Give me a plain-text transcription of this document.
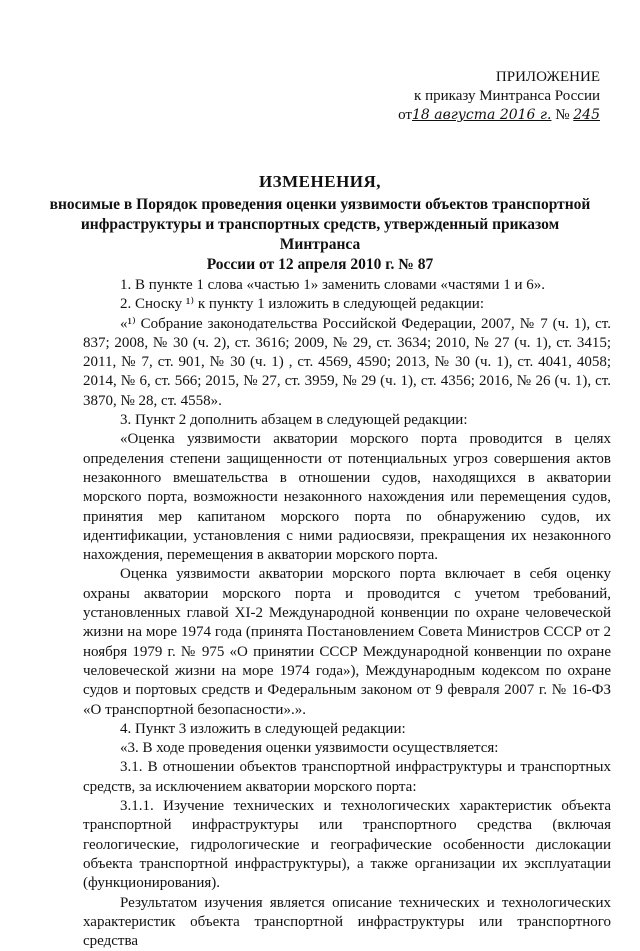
ПРИЛОЖЕНИЕ
к приказу Минтранса России
от18 августа 2016 г. № 245
ИЗМЕНЕНИЯ,
вносимые в Порядок проведения оценки уязвимости объектов транспортной
инфраструктуры и транспортных средств, утвержденный приказом Минтранса
России от 12 апреля 2010 г. № 87

1. В пункте 1 слова «частью 1» заменить словами «частями 1 и 6».

2. Сноску ¹⁾ к пункту 1 изложить в следующей редакции:

«¹⁾ Собрание законодательства Российской Федерации, 2007, № 7 (ч. 1), ст. 837; 2008, № 30 (ч. 2), ст. 3616; 2009, № 29, ст. 3634; 2010, № 27 (ч. 1), ст. 3415; 2011, № 7, ст. 901, № 30 (ч. 1) , ст. 4569, 4590; 2013, № 30 (ч. 1), ст. 4041, 4058; 2014, № 6, ст. 566; 2015, № 27, ст. 3959, № 29 (ч. 1), ст. 4356; 2016, № 26 (ч. 1), ст. 3870, № 28, ст. 4558».

3. Пункт 2 дополнить абзацем в следующей редакции:

«Оценка уязвимости акватории морского порта проводится в целях определения степени защищенности от потенциальных угроз совершения актов незаконного вмешательства в отношении судов, находящихся в акватории морского порта, возможности незаконного нахождения или перемещения судов, принятия мер капитаном морского порта по обнаружению судов, их идентификации, установления с ними радиосвязи, прекращения их незаконного нахождения, перемещения в акватории морского порта.

Оценка уязвимости акватории морского порта включает в себя оценку охраны акватории морского порта и проводится с учетом требований, установленных главой XI-2 Международной конвенции по охране человеческой жизни на море 1974 года (принята Постановлением Совета Министров СССР от 2 ноября 1979 г. № 975 «О принятии СССР Международной конвенции по охране человеческой жизни на море 1974 года»), Международным кодексом по охране судов и портовых средств и Федеральным законом от 9 февраля 2007 г. № 16-ФЗ «О транспортной безопасности».».

4. Пункт 3 изложить в следующей редакции:

«3. В ходе проведения оценки уязвимости осуществляется:

3.1. В отношении объектов транспортной инфраструктуры и транспортных средств, за исключением акватории морского порта:

3.1.1. Изучение технических и технологических характеристик объекта транспортной инфраструктуры или транспортного средства (включая геологические, гидрологические и географические особенности дислокации объекта транспортной инфраструктуры), а также организации их эксплуатации (функционирования).

Результатом изучения является описание технических и технологических характеристик объекта транспортной инфраструктуры или транспортного средства
